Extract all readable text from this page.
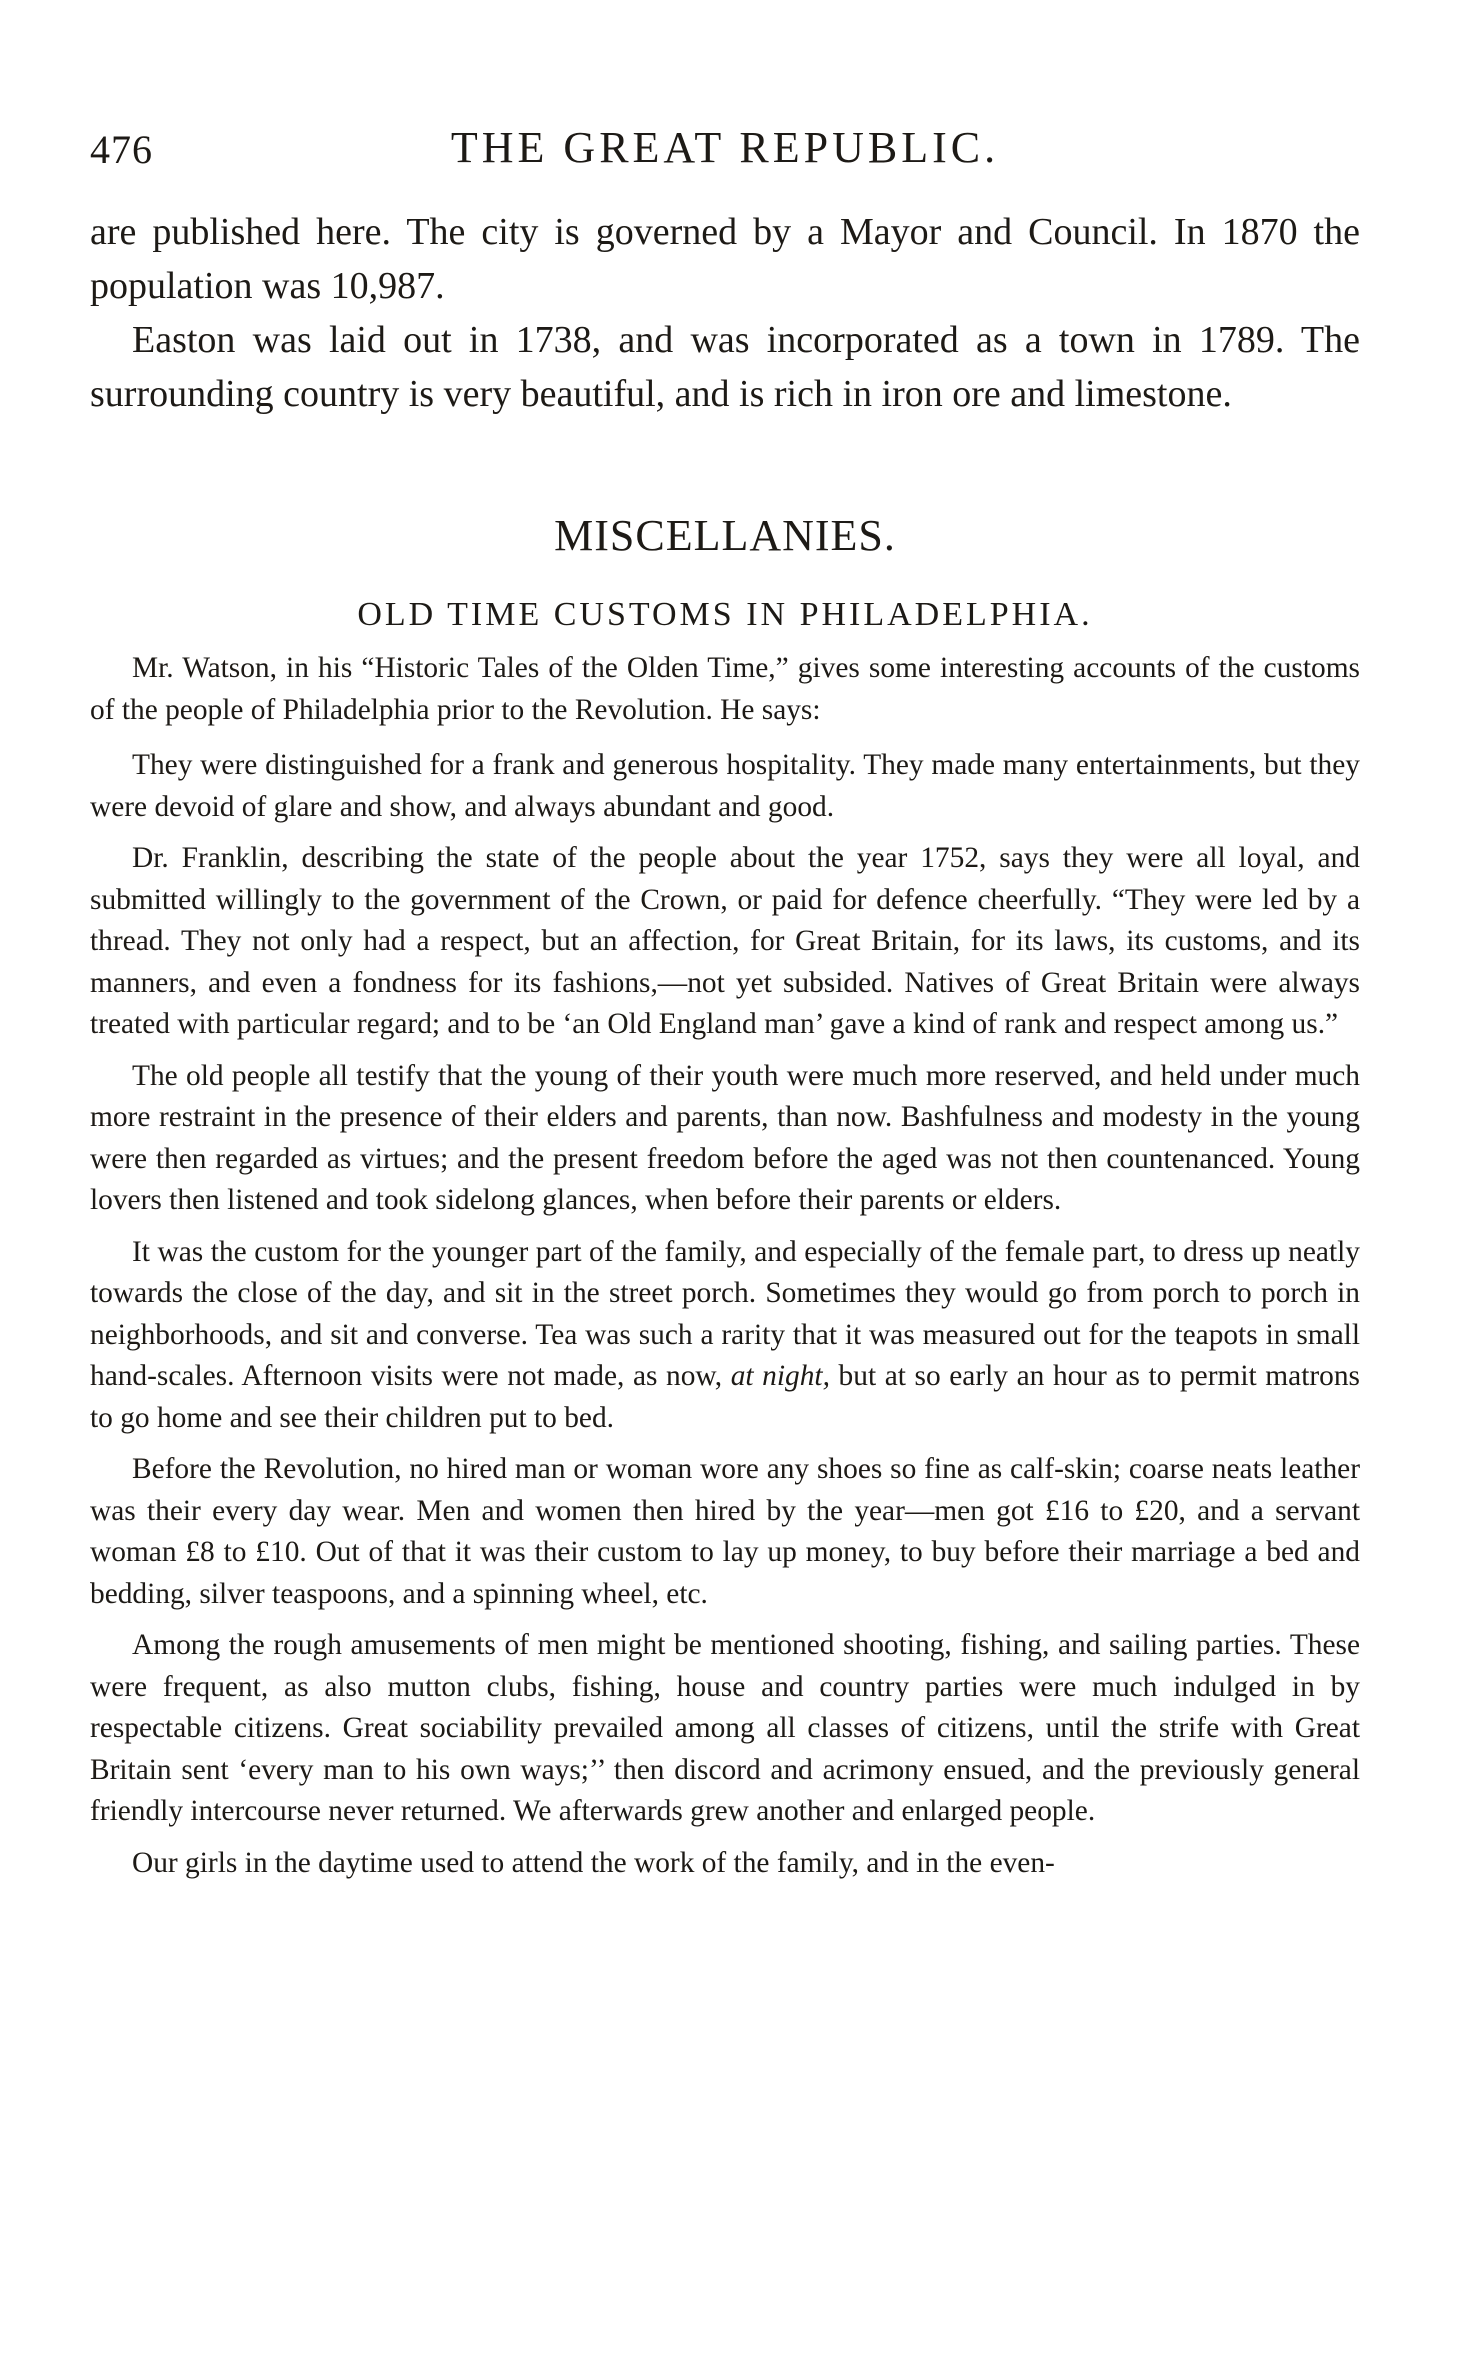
476	THE GREAT REPUBLIC.

are published here. The city is governed by a Mayor and Council. In 1870 the population was 10,987.

Easton was laid out in 1738, and was incorporated as a town in 1789. The surrounding country is very beautiful, and is rich in iron ore and limestone.

MISCELLANIES.
OLD TIME CUSTOMS IN PHILADELPHIA.

Mr. Watson, in his “Historic Tales of the Olden Time,” gives some interesting accounts of the customs of the people of Philadelphia prior to the Revolution. He says:

They were distinguished for a frank and generous hospitality. They made many entertainments, but they were devoid of glare and show, and always abundant and good.

Dr. Franklin, describing the state of the people about the year 1752, says they were all loyal, and submitted willingly to the government of the Crown, or paid for defence cheerfully. “They were led by a thread. They not only had a respect, but an affection, for Great Britain, for its laws, its customs, and its manners, and even a fondness for its fashions,—not yet subsided. Natives of Great Britain were always treated with particular regard; and to be ‘an Old England man’ gave a kind of rank and respect among us.”

The old people all testify that the young of their youth were much more reserved, and held under much more restraint in the presence of their elders and parents, than now. Bashfulness and modesty in the young were then regarded as virtues; and the present freedom before the aged was not then countenanced. Young lovers then listened and took sidelong glances, when before their parents or elders.

It was the custom for the younger part of the family, and especially of the female part, to dress up neatly towards the close of the day, and sit in the street porch. Sometimes they would go from porch to porch in neighborhoods, and sit and converse. Tea was such a rarity that it was measured out for the teapots in small hand-scales. Afternoon visits were not made, as now, at night, but at so early an hour as to permit matrons to go home and see their children put to bed.

Before the Revolution, no hired man or woman wore any shoes so fine as calf-skin; coarse neats leather was their every day wear. Men and women then hired by the year—men got £16 to £20, and a servant woman £8 to £10. Out of that it was their custom to lay up money, to buy before their marriage a bed and bedding, silver teaspoons, and a spinning wheel, etc.

Among the rough amusements of men might be mentioned shooting, fishing, and sailing parties. These were frequent, as also mutton clubs, fishing, house and country parties were much indulged in by respectable citizens. Great sociability prevailed among all classes of citizens, until the strife with Great Britain sent ‘every man to his own ways;’’ then discord and acrimony ensued, and the previously general friendly intercourse never returned. We afterwards grew another and enlarged people.

Our girls in the daytime used to attend the work of the family, and in the even-
